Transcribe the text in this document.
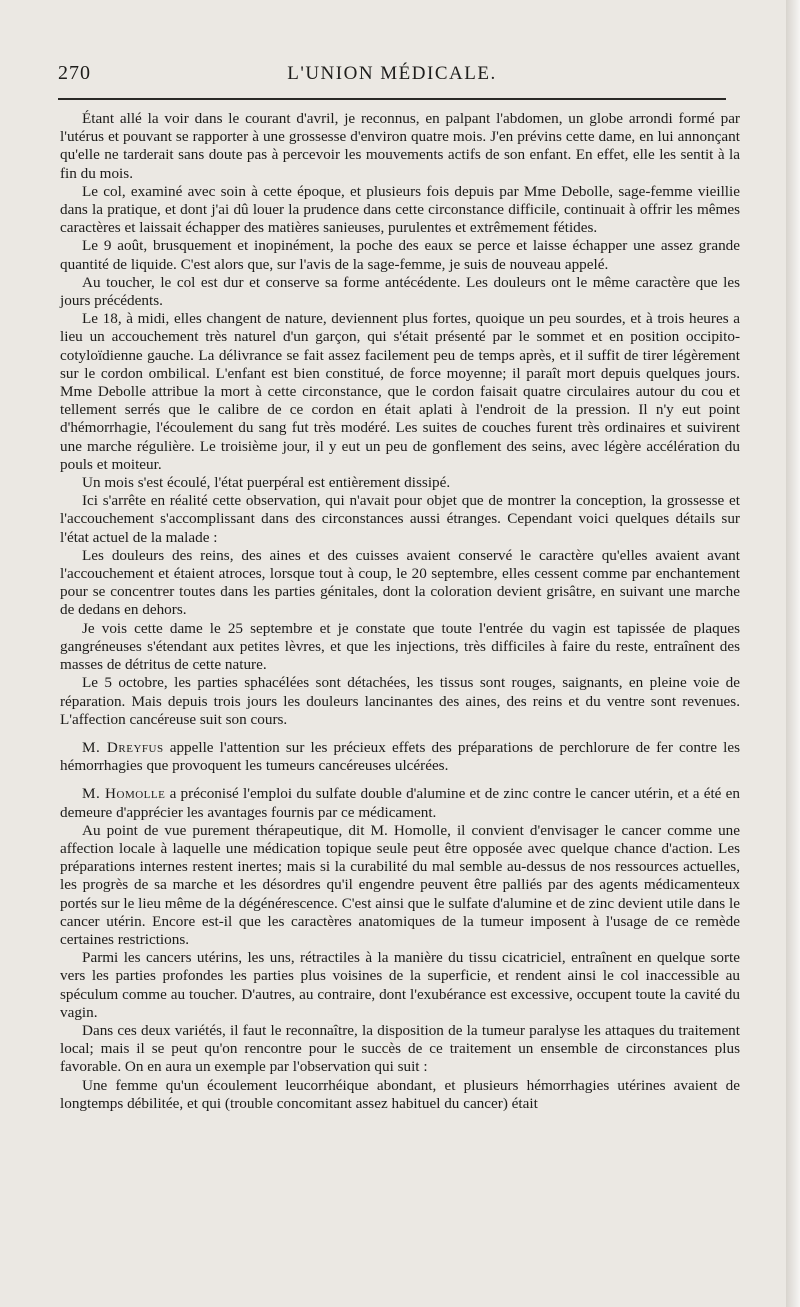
270	L'UNION MÉDICALE.

Étant allé la voir dans le courant d'avril, je reconnus, en palpant l'abdomen, un globe arrondi formé par l'utérus et pouvant se rapporter à une grossesse d'environ quatre mois. J'en prévins cette dame, en lui annonçant qu'elle ne tarderait sans doute pas à percevoir les mouvements actifs de son enfant. En effet, elle les sentit à la fin du mois.

Le col, examiné avec soin à cette époque, et plusieurs fois depuis par Mme Debolle, sage-femme vieillie dans la pratique, et dont j'ai dû louer la prudence dans cette circonstance difficile, continuait à offrir les mêmes caractères et laissait échapper des matières sanieuses, purulentes et extrêmement fétides.

Le 9 août, brusquement et inopinément, la poche des eaux se perce et laisse échapper une assez grande quantité de liquide. C'est alors que, sur l'avis de la sage-femme, je suis de nouveau appelé.

Au toucher, le col est dur et conserve sa forme antécédente. Les douleurs ont le même caractère que les jours précédents.

Le 18, à midi, elles changent de nature, deviennent plus fortes, quoique un peu sourdes, et à trois heures a lieu un accouchement très naturel d'un garçon, qui s'était présenté par le sommet et en position occipito-cotyloïdienne gauche. La délivrance se fait assez facilement peu de temps après, et il suffit de tirer légèrement sur le cordon ombilical. L'enfant est bien constitué, de force moyenne; il paraît mort depuis quelques jours. Mme Debolle attribue la mort à cette circonstance, que le cordon faisait quatre circulaires autour du cou et tellement serrés que le calibre de ce cordon en était aplati à l'endroit de la pression. Il n'y eut point d'hémorrhagie, l'écoulement du sang fut très modéré. Les suites de couches furent très ordinaires et suivirent une marche régulière. Le troisième jour, il y eut un peu de gonflement des seins, avec légère accélération du pouls et moiteur.

Un mois s'est écoulé, l'état puerpéral est entièrement dissipé.

Ici s'arrête en réalité cette observation, qui n'avait pour objet que de montrer la conception, la grossesse et l'accouchement s'accomplissant dans des circonstances aussi étranges. Cependant voici quelques détails sur l'état actuel de la malade :

Les douleurs des reins, des aines et des cuisses avaient conservé le caractère qu'elles avaient avant l'accouchement et étaient atroces, lorsque tout à coup, le 20 septembre, elles cessent comme par enchantement pour se concentrer toutes dans les parties génitales, dont la coloration devient grisâtre, en suivant une marche de dedans en dehors.

Je vois cette dame le 25 septembre et je constate que toute l'entrée du vagin est tapissée de plaques gangréneuses s'étendant aux petites lèvres, et que les injections, très difficiles à faire du reste, entraînent des masses de détritus de cette nature.

Le 5 octobre, les parties sphacélées sont détachées, les tissus sont rouges, saignants, en pleine voie de réparation. Mais depuis trois jours les douleurs lancinantes des aines, des reins et du ventre sont revenues. L'affection cancéreuse suit son cours.

M. Dreyfus appelle l'attention sur les précieux effets des préparations de perchlorure de fer contre les hémorrhagies que provoquent les tumeurs cancéreuses ulcérées.

M. Homolle a préconisé l'emploi du sulfate double d'alumine et de zinc contre le cancer utérin, et a été en demeure d'apprécier les avantages fournis par ce médicament.

Au point de vue purement thérapeutique, dit M. Homolle, il convient d'envisager le cancer comme une affection locale à laquelle une médication topique seule peut être opposée avec quelque chance d'action. Les préparations internes restent inertes; mais si la curabilité du mal semble au-dessus de nos ressources actuelles, les progrès de sa marche et les désordres qu'il engendre peuvent être palliés par des agents médicamenteux portés sur le lieu même de la dégénérescence. C'est ainsi que le sulfate d'alumine et de zinc devient utile dans le cancer utérin. Encore est-il que les caractères anatomiques de la tumeur imposent à l'usage de ce remède certaines restrictions.

Parmi les cancers utérins, les uns, rétractiles à la manière du tissu cicatriciel, entraînent en quelque sorte vers les parties profondes les parties plus voisines de la superficie, et rendent ainsi le col inaccessible au spéculum comme au toucher. D'autres, au contraire, dont l'exubérance est excessive, occupent toute la cavité du vagin.

Dans ces deux variétés, il faut le reconnaître, la disposition de la tumeur paralyse les attaques du traitement local; mais il se peut qu'on rencontre pour le succès de ce traitement un ensemble de circonstances plus favorable. On en aura un exemple par l'observation qui suit :

Une femme qu'un écoulement leucorrhéique abondant, et plusieurs hémorrhagies utérines avaient de longtemps débilitée, et qui (trouble concomitant assez habituel du cancer) était
